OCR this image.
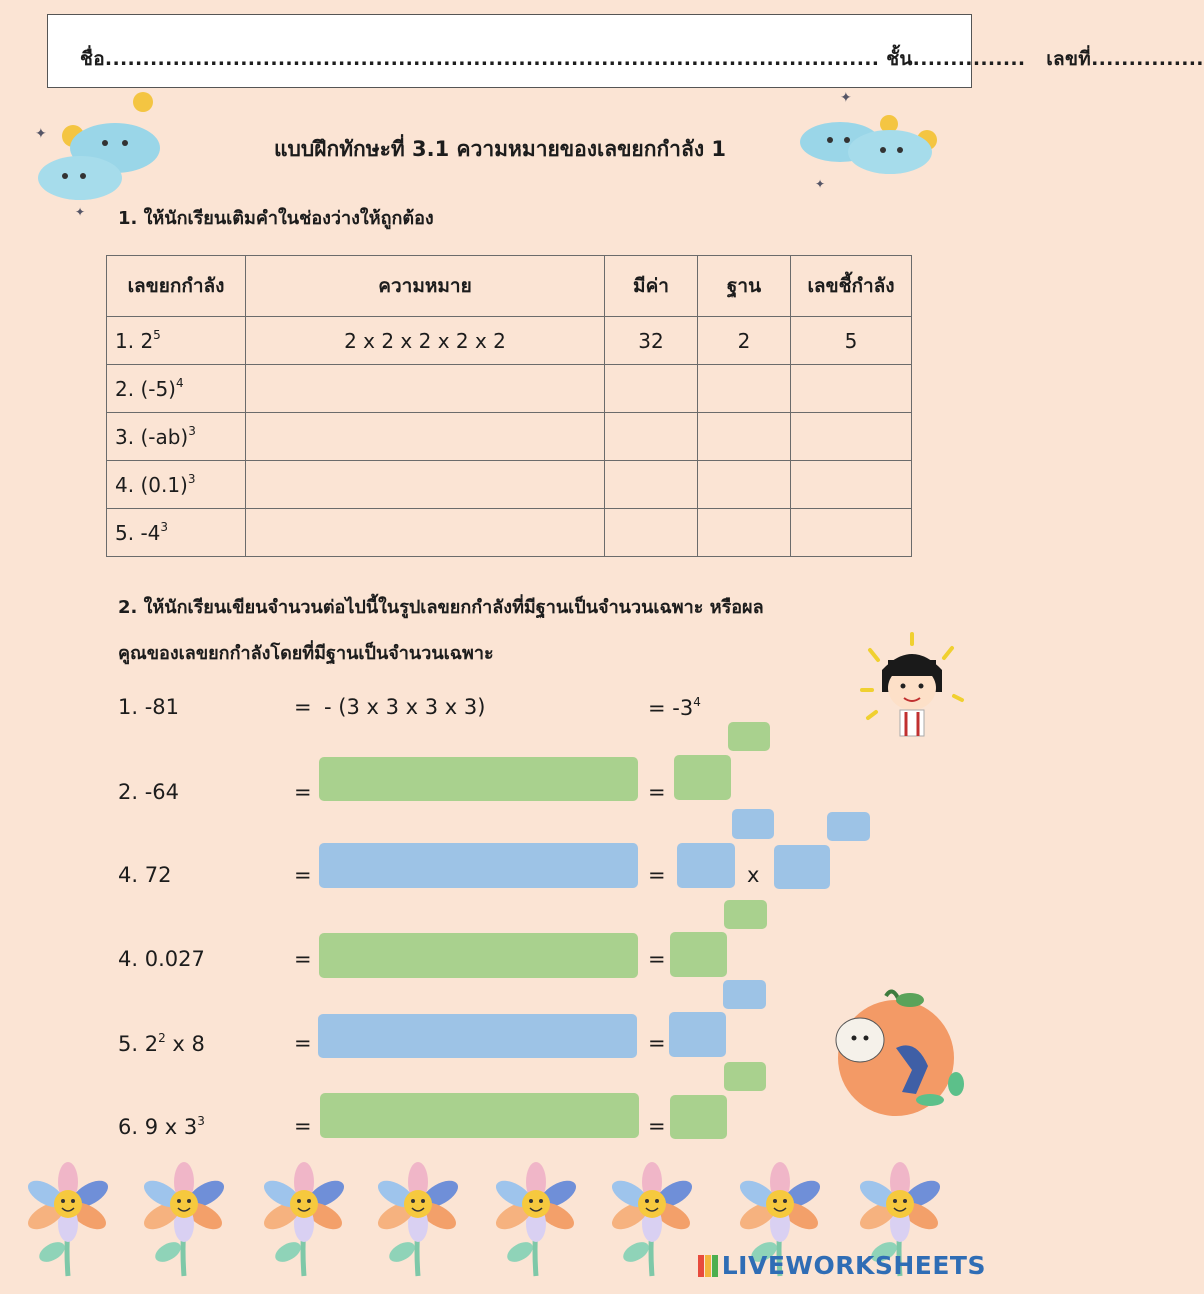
ชื่อ....................................................................................................... ชั้น............... เลขที่...............
✦
✦
✦
✦
แบบฝึกทักษะที่ 3.1 ความหมายของเลขยกกำลัง 1
1. ให้นักเรียนเติมคำในช่องว่างให้ถูกต้อง
เลขยกกำลัง	ความหมาย	มีค่า	ฐาน	เลขชี้กำลัง
1. $2^5$	2 x 2 x 2 x 2 x 2	32	2	5
2. $(-5)^4$				
3. $(-ab)^3$				
4. $(0.1)^3$				
5. $-4^3$				
2. ให้นักเรียนเขียนจำนวนต่อไปนี้ในรูปเลขยกกำลังที่มีฐานเป็นจำนวนเฉพาะ หรือผล
คูณของเลขยกกำลังโดยที่มีฐานเป็นจำนวนเฉพาะ
1. -81	= - (3 x 3 x 3 x 3)	= $-3^4$
2. -64	=	=
4. 72	=	=	x
4. 0.027	=	=
5. $2^2$ x 8	=	=
6. 9 x $3^3$	=	=
LIVEWORKSHEETS
